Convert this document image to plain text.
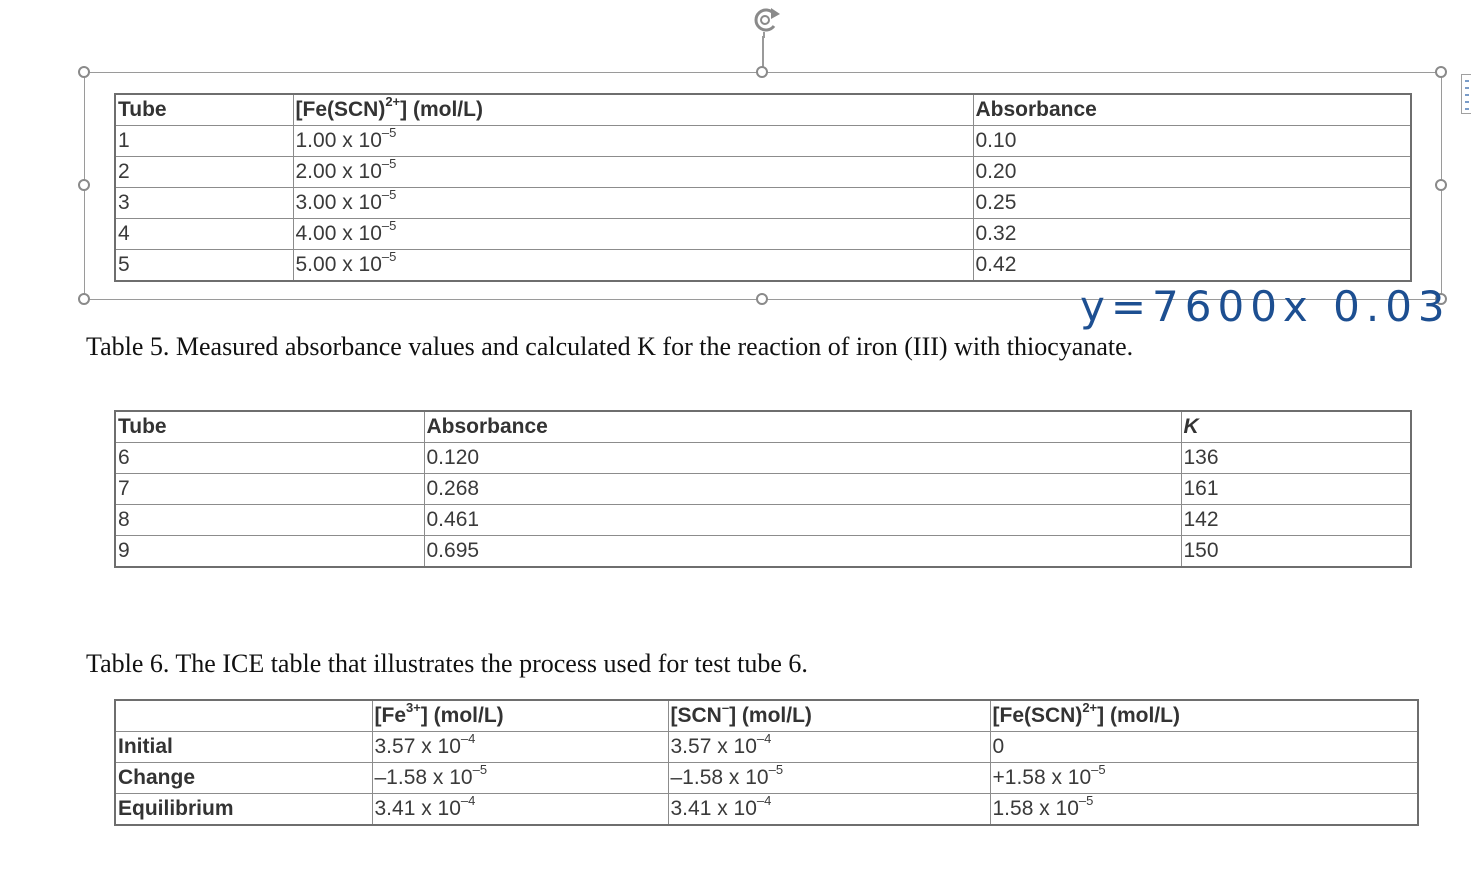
Tube	[Fe(SCN)$^{2+}$] (mol/L)	Absorbance
1	1.00 x $10^{-5}$	0.10
2	2.00 x $10^{-5}$	0.20
3	3.00 x $10^{-5}$	0.25
4	4.00 x $10^{-5}$	0.32
5	5.00 x $10^{-5}$	0.42
y=7600x 0.03
Table 5. Measured absorbance values and calculated K for the reaction of iron (III) with thiocyanate.
Tube	Absorbance	K
6	0.120	136
7	0.268	161
8	0.461	142
9	0.695	150
Table 6. The ICE table that illustrates the process used for test tube 6.
	$[Fe^{3+}]$ (mol/L)	[SCN–] (mol/L)	[Fe(SCN)$^{2+}$] (mol/L)
Initial	3.57 x $10^{-4}$	3.57 x $10^{-4}$	0
Change	–1.58 x $10^{-5}$	–1.58 x $10^{-5}$	+1.58 x $10^{-5}$
Equilibrium	3.41 x $10^{-4}$	3.41 x $10^{-4}$	1.58 x $10^{-5}$
